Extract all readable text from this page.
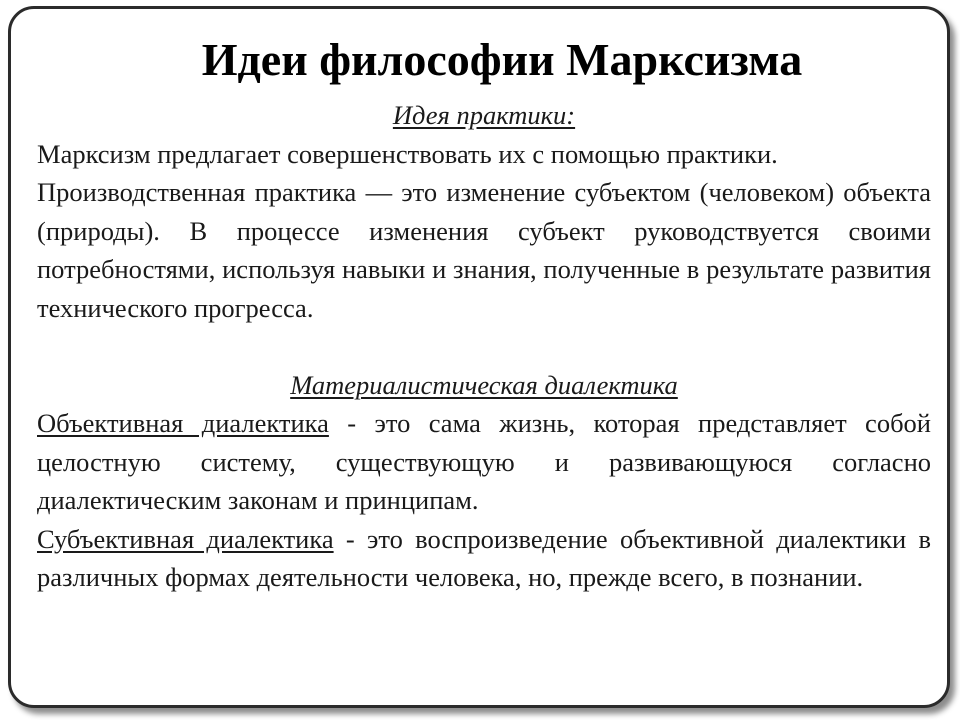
Идеи философии Марксизма

Идея практики:

Марксизм предлагает совершенствовать их с помощью практики.

Производственная практика — это изменение субъектом (человеком) объекта (природы). В процессе изменения субъект руководствуется своими потребностями, используя навыки и знания, полученные в результате развития технического прогресса.

Материалистическая диалектика

Объективная диалектика - это сама жизнь, которая представляет собой целостную систему, существующую и развивающуюся согласно диалектическим законам и принципам.

Субъективная диалектика - это воспроизведение объективной диалектики в различных формах деятельности человека, но, прежде всего, в познании.
